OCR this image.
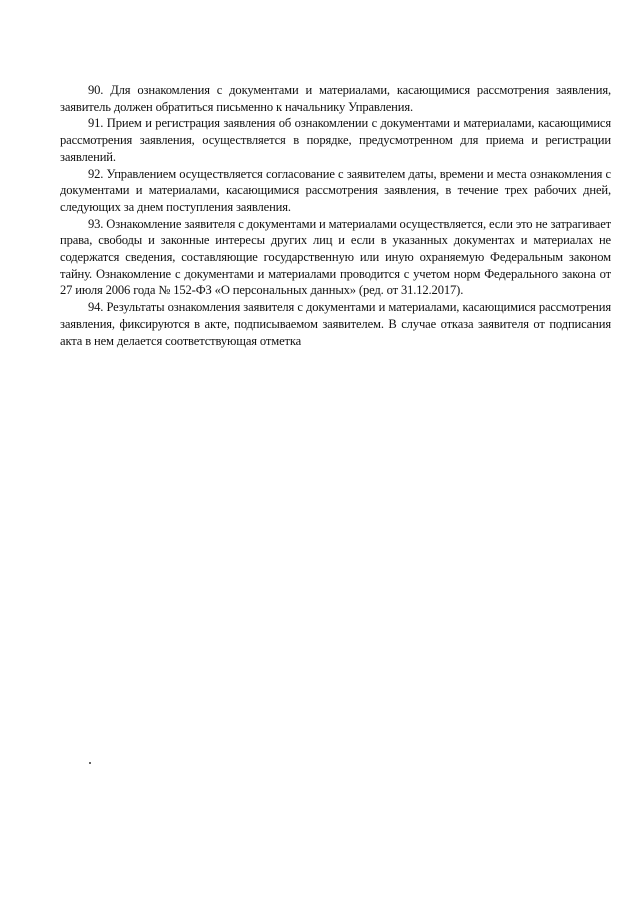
90. Для ознакомления с документами и материалами, касающимися рассмотрения заявления, заявитель должен обратиться письменно к начальнику Управления.

91. Прием и регистрация заявления об ознакомлении с документами и материалами, касающимися рассмотрения заявления, осуществляется в порядке, предусмотренном для приема и регистрации заявлений.

92. Управлением осуществляется согласование с заявителем даты, времени и места ознакомления с документами и материалами, касающимися рассмотрения заявления, в течение трех рабочих дней, следующих за днем поступления заявления.

93. Ознакомление заявителя с документами и материалами осуществляется, если это не затрагивает права, свободы и законные интересы других лиц и если в указанных документах и материалах не содержатся сведения, составляющие государственную или иную охраняемую Федеральным законом тайну. Ознакомление с документами и материалами проводится с учетом норм Федерального закона от 27 июля 2006 года № 152-ФЗ «О персональных данных» (ред. от 31.12.2017).

94. Результаты ознакомления заявителя с документами и материалами, касающимися рассмотрения заявления, фиксируются в акте, подписываемом заявителем. В случае отказа заявителя от подписания акта в нем делается соответствующая отметка
